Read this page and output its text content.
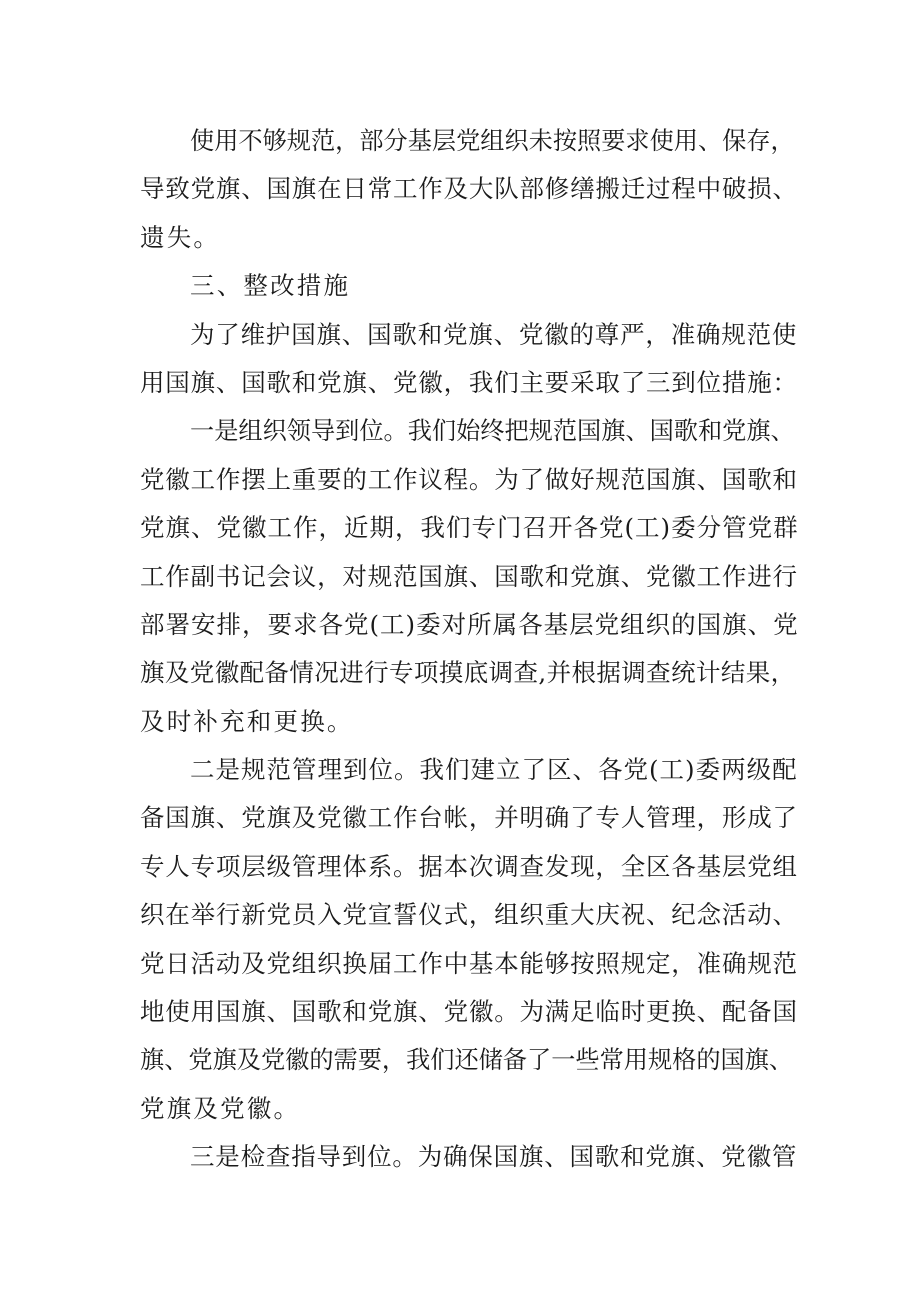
使用不够规范，部分基层党组织未按照要求使用、保存，
导致党旗、国旗在日常工作及大队部修缮搬迁过程中破损、
遗失。
三、整改措施
为了维护国旗、国歌和党旗、党徽的尊严，准确规范使
用国旗、国歌和党旗、党徽，我们主要采取了三到位措施：
一是组织领导到位。我们始终把规范国旗、国歌和党旗、
党徽工作摆上重要的工作议程。为了做好规范国旗、国歌和
党旗、党徽工作，近期，我们专门召开各党(工)委分管党群
工作副书记会议，对规范国旗、国歌和党旗、党徽工作进行
部署安排，要求各党(工)委对所属各基层党组织的国旗、党
旗及党徽配备情况进行专项摸底调查,并根据调查统计结果，
及时补充和更换。
二是规范管理到位。我们建立了区、各党(工)委两级配
备国旗、党旗及党徽工作台帐，并明确了专人管理，形成了
专人专项层级管理体系。据本次调查发现，全区各基层党组
织在举行新党员入党宣誓仪式，组织重大庆祝、纪念活动、
党日活动及党组织换届工作中基本能够按照规定，准确规范
地使用国旗、国歌和党旗、党徽。为满足临时更换、配备国
旗、党旗及党徽的需要，我们还储备了一些常用规格的国旗、
党旗及党徽。
三是检查指导到位。为确保国旗、国歌和党旗、党徽管
